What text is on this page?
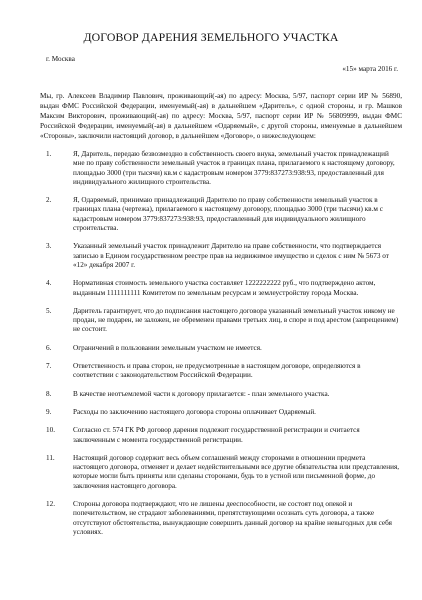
ДОГОВОР ДАРЕНИЯ ЗЕМЕЛЬНОГО УЧАСТКА
г. Москва
«15» марта 2016 г.
Мы, гр. Алексеев Владимир Павлович, проживающий(-ая) по адресу: Москва, 5/97, паспорт серии ИР № 56890, выдан ФМС Российской Федерации, именуемый(-ая) в дальнейшем «Даритель», с одной стороны, и гр. Машков Максим Викторович, проживающий(-ая) по адресу: Москва, 5/97, паспорт серии ИР № 56809999, выдан ФМС Российской Федерации, именуемый(-ая) в дальнейшем «Одаряемый», с другой стороны, именуемые в дальнейшем «Стороны», заключили настоящий договор, в дальнейшем «Договор», о нижеследующем:
1.	Я, Даритель, передаю безвозмездно в собственность своего внука, земельный участок принадлежащий мне по праву собственности земельный участок в границах плана, прилагаемого к настоящему договору, площадью 3000 (три тысячи) кв.м с кадастровым номером 3779:837273:938:93, предоставленный для индивидуального жилищного строительства.
2.	Я, Одаряемый, принимаю принадлежащий Дарителю по праву собственности земельный участок в границах плана (чертежа), прилагаемого к настоящему договору, площадью 3000 (три тысячи) кв.м с кадастровым номером 3779:837273:938:93, предоставленный для индивидуального жилищного строительства.
3.	Указанный земельный участок принадлежит Дарителю на праве собственности, что подтверждается записью в Едином государственном реестре прав на недвижимое имущество и сделок с ним № 5673 от «12» декабря 2007 г.
4.	Нормативная стоимость земельного участка составляет 1222222222 руб., что подтверждено актом, выданным 1111111111 Комитетом по земельным ресурсам и землеустройству города Москва.
5.	Даритель гарантирует, что до подписания настоящего договора указанный земельный участок никому не продан, не подарен, не заложен, не обременен правами третьих лиц, в споре и под арестом (запрещением) не состоит.
6.	Ограничений в пользовании земельным участком не имеется.
7.	Ответственность и права сторон, не предусмотренные в настоящем договоре, определяются в соответствии с законодательством Российской Федерации.
8.	В качестве неотъемлемой части к договору прилагается: - план земельного участка.
9.	Расходы по заключению настоящего договора стороны оплачивает Одаряемый.
10.	Согласно ст. 574 ГК РФ договор дарения подлежит государственной регистрации и считается заключенным с момента государственной регистрации.
11.	Настоящий договор содержит весь объем соглашений между сторонами в отношении предмета настоящего договора, отменяет и делает недействительными все другие обязательства или представления, которые могли быть приняты или сделаны сторонами, будь то в устной или письменной форме, до заключения настоящего договора.
12.	Стороны договора подтверждают, что не лишены дееспособности, не состоят под опекой и попечительством, не страдают заболеваниями, препятствующими осознать суть договора, а также отсутствуют обстоятельства, вынуждающие совершить данный договор на крайне невыгодных для себя условиях.
